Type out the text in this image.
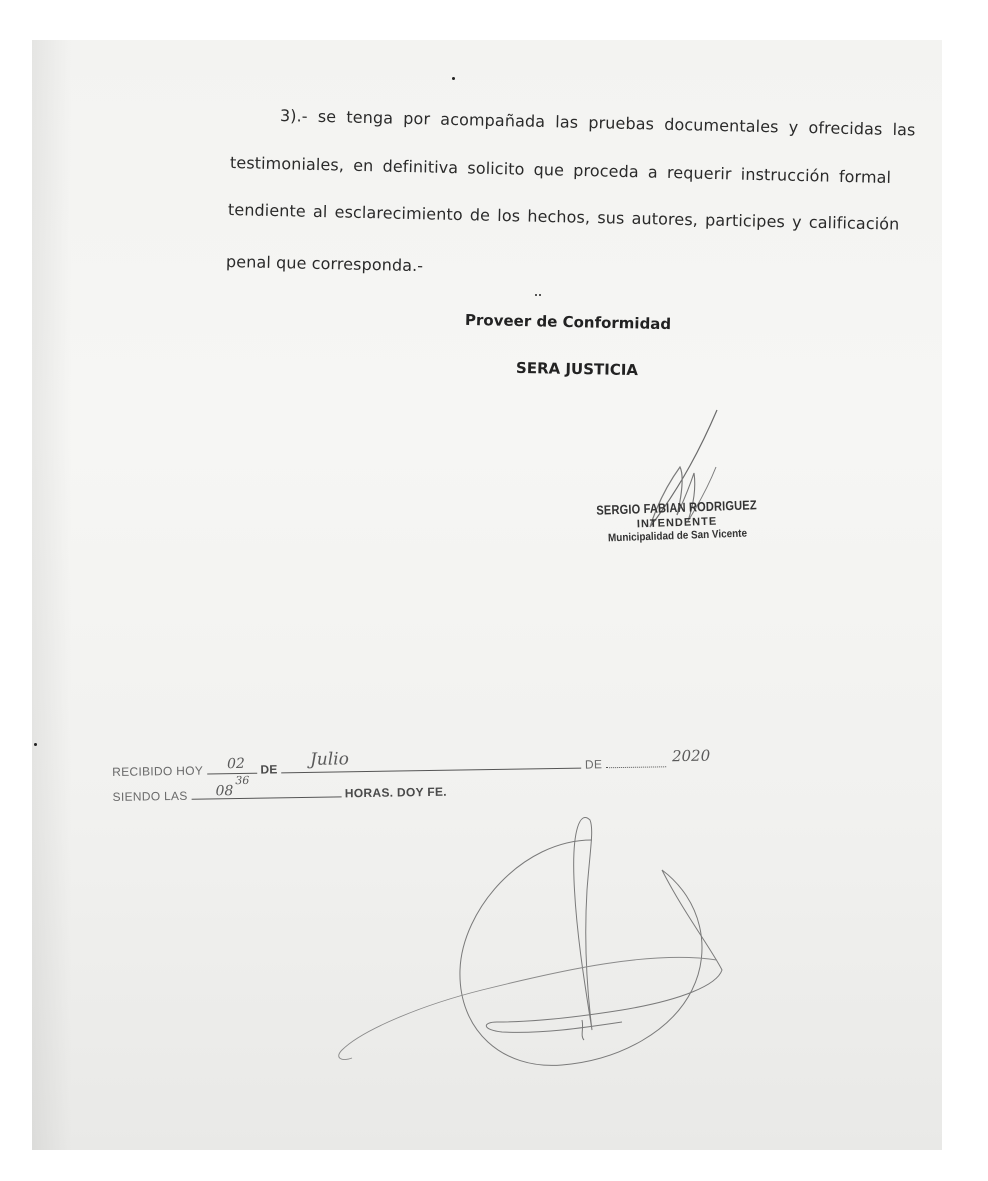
3).- se tenga por acompañada las pruebas documentales y ofrecidas las
testimoniales, en definitiva solicito que proceda a requerir instrucción formal
tendiente al esclarecimiento de los hechos, sus autores, participes y calificación
penal que corresponda.-
Proveer de Conformidad
SERA JUSTICIA
SERGIO FABIAN RODRIGUEZ
INTENDENTE
Municipalidad de San Vicente
RECIBIDO HOY	DE	DE
SIENDO LAS	HORAS. DOY FE.
02	Julio	2020
08
36
